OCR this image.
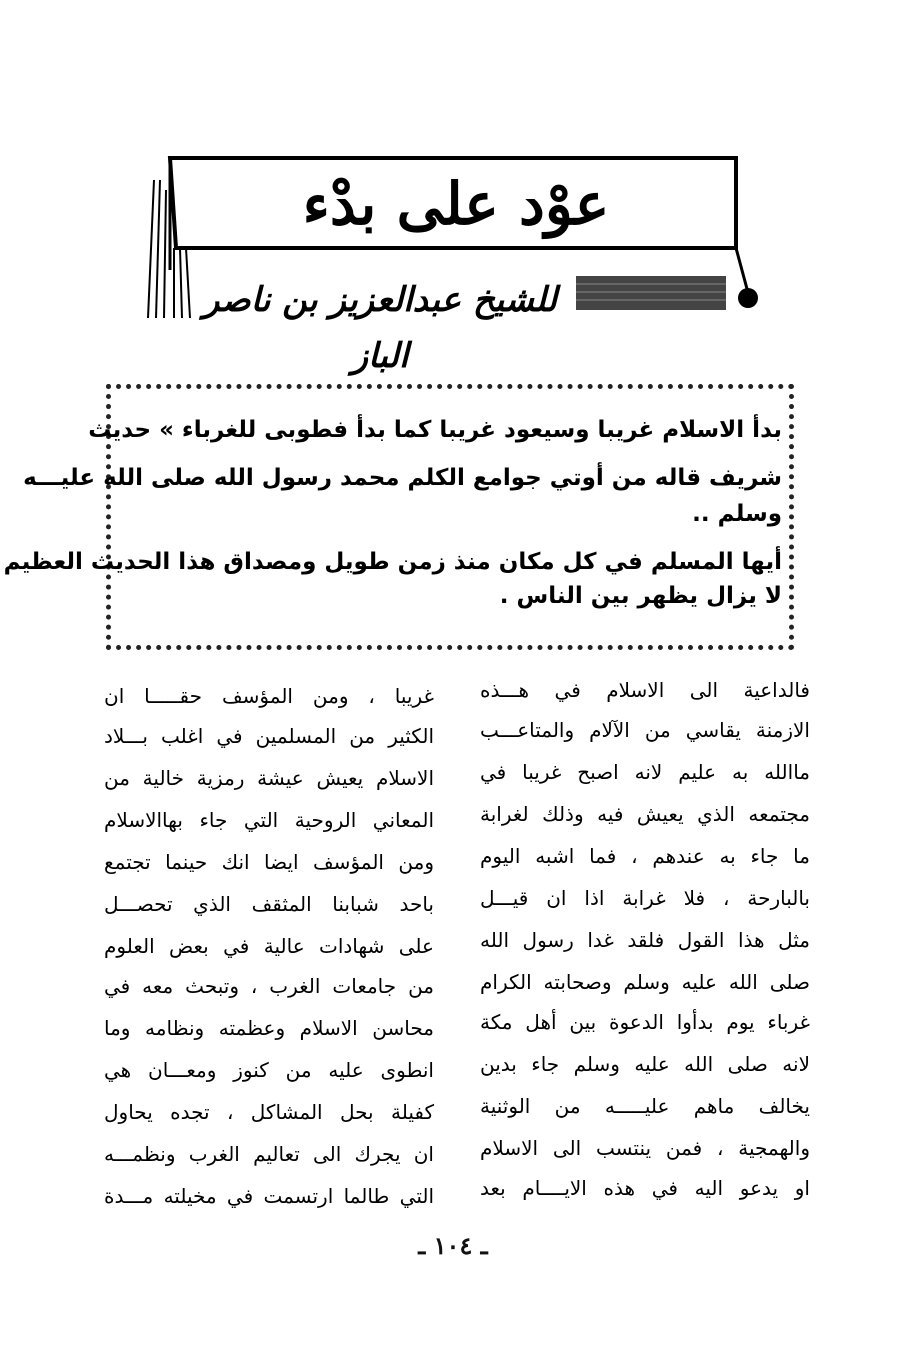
عوْد على بدْء
للشيخ عبدالعزيز بن ناصر الباز
بدأ الاسلام غريبا وسيعود غريبا كما بدأ فطوبى للغرباء » حديث
شريف قاله من أوتي جوامع الكلم محمد رسول الله صلى الله عليـــه
وسلم ..
أيها المسلم في كل مكان منذ زمن طويل ومصداق هذا الحديث العظيم
لا يزال يظهر بين الناس .
فالداعية الى الاسلام في هـــذه
الازمنة يقاسي من الآلام والمتاعـــب
ماالله به عليم لانه اصبح غريبا في
مجتمعه الذي يعيش فيه وذلك لغرابة
ما جاء به عندهم ، فما اشبه اليوم
بالبارحة ، فلا غرابة اذا ان قيـــل
مثل هذا القول فلقد غدا رسول الله
صلى الله عليه وسلم وصحابته الكرام
غرباء يوم بدأوا الدعوة بين أهل مكة
لانه صلى الله عليه وسلم جاء بدين
يخالف ماهم عليـــــه من الوثنية
والهمجية ، فمن ينتسب الى الاسلام
او يدعو اليه في هذه الايــــام بعد
غريبا ، ومن المؤسف حقـــــا ان
الكثير من المسلمين في اغلب بـــلاد
الاسلام يعيش عيشة رمزية خالية من
المعاني الروحية التي جاء بهاالاسلام
ومن المؤسف ايضا انك حينما تجتمع
باحد شبابنا المثقف الذي تحصـــل
على شهادات عالية في بعض العلوم
من جامعات الغرب ، وتبحث معه في
محاسن الاسلام وعظمته ونظامه وما
انطوى عليه من كنوز ومعـــان هي
كفيلة بحل المشاكل ، تجده يحاول
ان يجرك الى تعاليم الغرب ونظمـــه
التي طالما ارتسمت في مخيلته مـــدة
ـ ١٠٤ ـ
